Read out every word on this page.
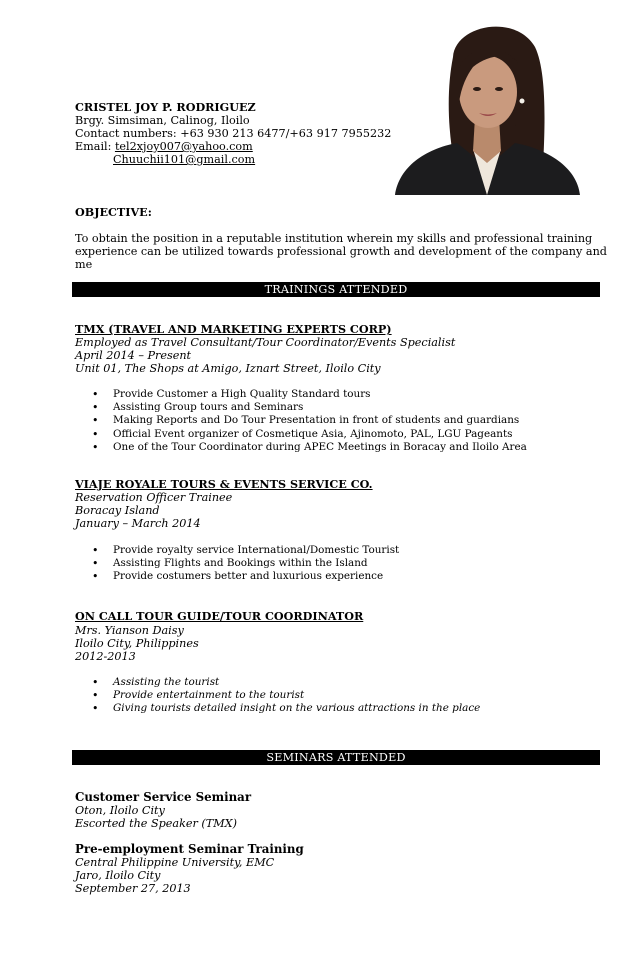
CRISTEL JOY P. RODRIGUEZ
Brgy. Simsiman, Calinog, Iloilo
Contact numbers: +63 930 213 6477/+63 917 7955232
Email: tel2xjoy007@yahoo.com
Chuuchii101@gmail.com
OBJECTIVE:
To obtain the position in a reputable institution wherein my skills and professional training
experience can be utilized towards professional growth and development of the company and
me
TRAININGS ATTENDED
TMX (TRAVEL AND MARKETING EXPERTS CORP)
Employed as Travel Consultant/Tour Coordinator/Events Specialist
April 2014 – Present
Unit 01, The Shops at Amigo, Iznart Street, Iloilo City
• Provide Customer a High Quality Standard tours
• Assisting Group tours and Seminars
• Making Reports and Do Tour Presentation in front of students and guardians
• Official Event organizer of Cosmetique Asia, Ajinomoto, PAL, LGU Pageants
• One of the Tour Coordinator during APEC Meetings in Boracay and Iloilo Area
VIAJE ROYALE TOURS & EVENTS SERVICE CO.
Reservation Officer Trainee
Boracay Island
January – March 2014
• Provide royalty service International/Domestic Tourist
• Assisting Flights and Bookings within the Island
• Provide costumers better and luxurious experience
ON CALL TOUR GUIDE/TOUR COORDINATOR
Mrs. Yianson Daisy
Iloilo City, Philippines
2012-2013
• Assisting the tourist
• Provide entertainment to the tourist
• Giving tourists detailed insight on the various attractions in the place
SEMINARS ATTENDED
Customer Service Seminar
Oton, Iloilo City
Escorted the Speaker (TMX)
Pre-employment Seminar Training
Central Philippine University, EMC
Jaro, Iloilo City
September 27, 2013
